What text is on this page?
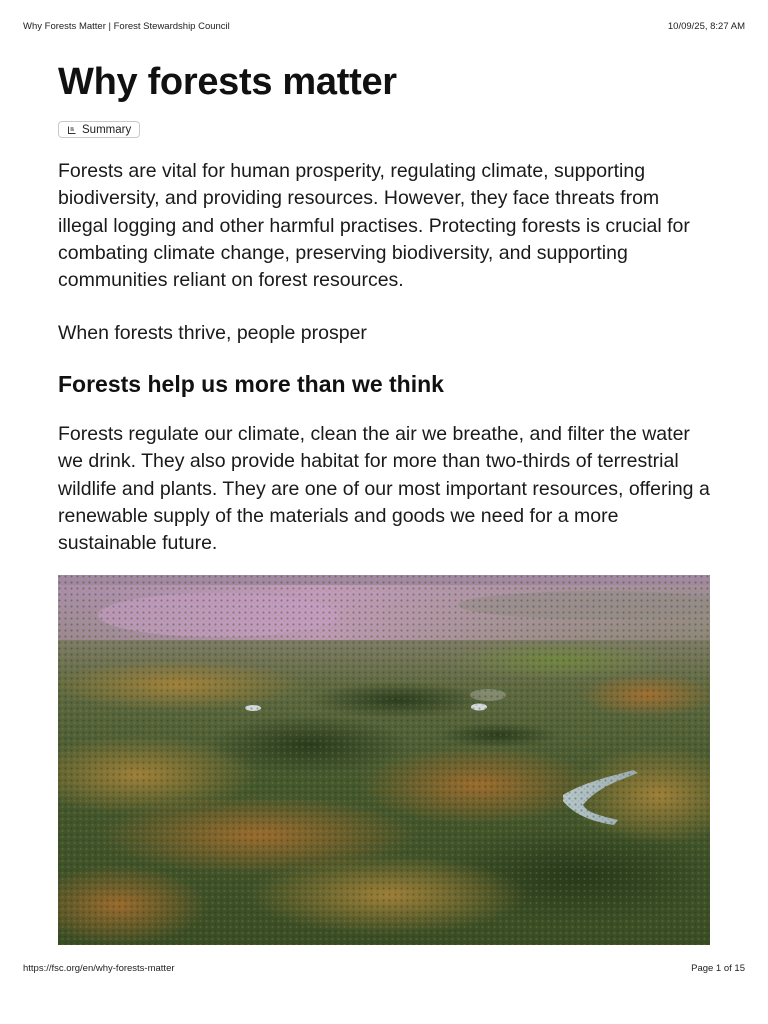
Why Forests Matter | Forest Stewardship Council	10/09/25, 8:27 AM
Why forests matter
Summary

Forests are vital for human prosperity, regulating climate, supporting biodiversity, and providing resources. However, they face threats from illegal logging and other harmful practises. Protecting forests is crucial for combating climate change, preserving biodiversity, and supporting communities reliant on forest resources.

When forests thrive, people prosper

Forests help us more than we think

Forests regulate our climate, clean the air we breathe, and filter the water we drink. They also provide habitat for more than two-thirds of terrestrial wildlife and plants. They are one of our most important resources, offering a renewable supply of the materials and goods we need for a more sustainable future.

https://fsc.org/en/why-forests-matter	Page 1 of 15
